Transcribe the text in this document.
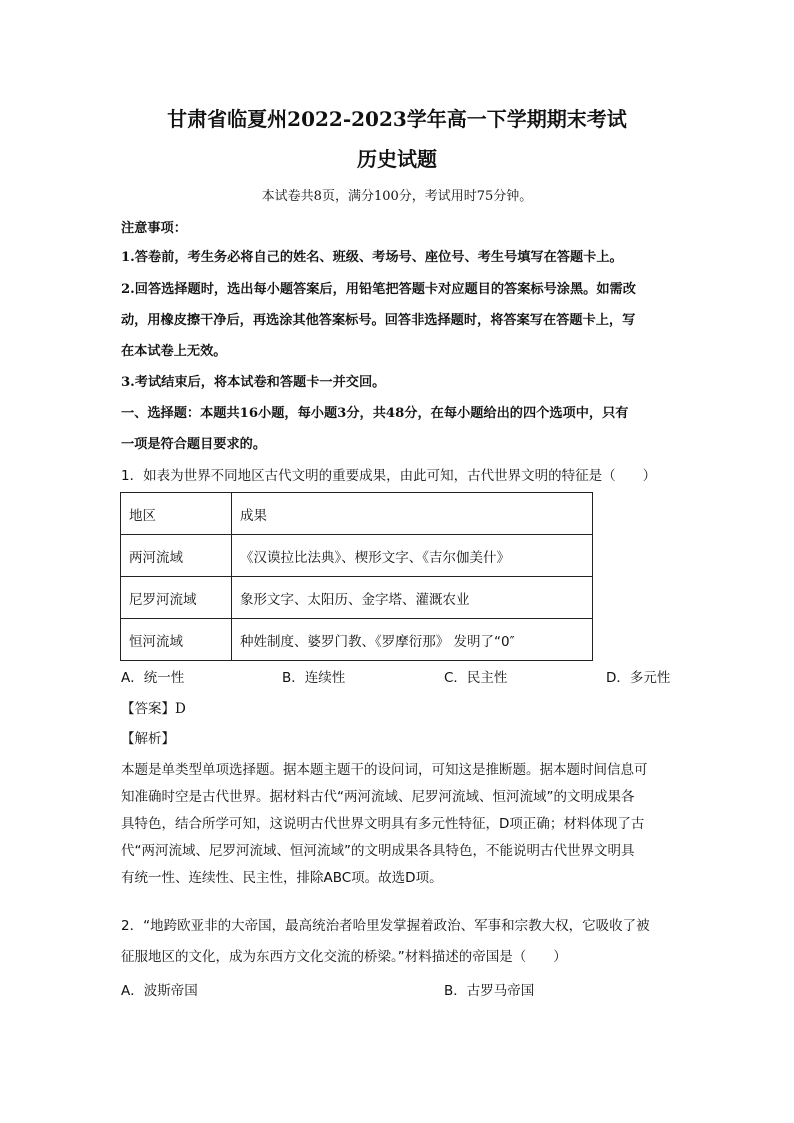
甘肃省临夏州2022-2023学年高一下学期期末考试
历史试题
本试卷共8页，满分100分，考试用时75分钟。
注意事项：
1.答卷前，考生务必将自己的姓名、班级、考场号、座位号、考生号填写在答题卡上。
2.回答选择题时，选出每小题答案后，用铅笔把答题卡对应题目的答案标号涂黑。如需改
动，用橡皮擦干净后，再选涂其他答案标号。回答非选择题时，将答案写在答题卡上，写
在本试卷上无效。
3.考试结束后，将本试卷和答题卡一并交回。
一、选择题：本题共16小题，每小题3分，共48分，在每小题给出的四个选项中，只有
一项是符合题目要求的。
1．如表为世界不同地区古代文明的重要成果，由此可知，古代世界文明的特征是（　　）
地区	成果
两河流域	《汉谟拉比法典》、楔形文字、《吉尔伽美什》
尼罗河流域	象形文字、太阳历、金字塔、灌溉农业
恒河流域	种姓制度、婆罗门教、《罗摩衍那》 发明了“0″
A．统一性	B．连续性	C．民主性	D．多元性
【答案】D
【解析】
本题是单类型单项选择题。据本题主题干的设问词，可知这是推断题。据本题时间信息可
知准确时空是古代世界。据材料古代“两河流域、尼罗河流域、恒河流域”的文明成果各
具特色，结合所学可知，这说明古代世界文明具有多元性特征，D项正确；材料体现了古
代“两河流域、尼罗河流域、恒河流域”的文明成果各具特色，不能说明古代世界文明具
有统一性、连续性、民主性，排除ABC项。故选D项。
2．“地跨欧亚非的大帝国，最高统治者哈里发掌握着政治、军事和宗教大权，它吸收了被
征服地区的文化，成为东西方文化交流的桥梁。”材料描述的帝国是（　　）
A．波斯帝国	B．古罗马帝国
